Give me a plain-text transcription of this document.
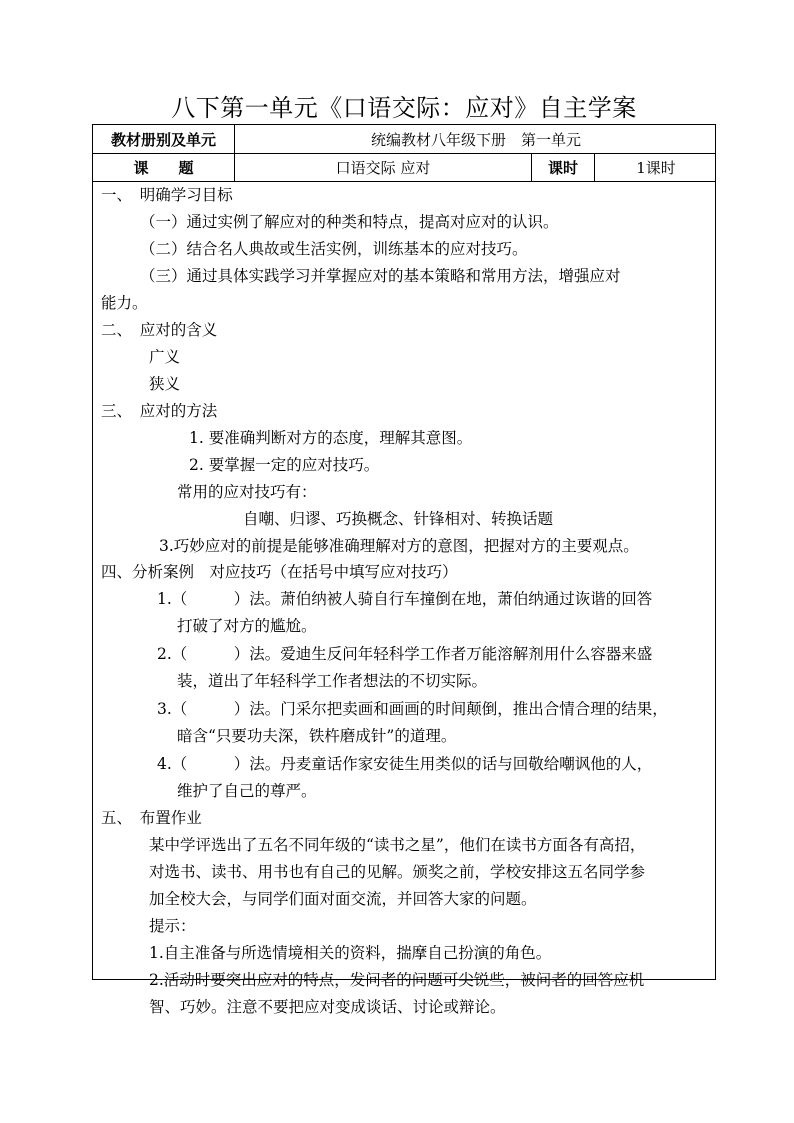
八下第一单元《口语交际：应对》自主学案
教材册别及单元	统编教材八年级下册　第一单元
课　　题	口语交际 应对	课时	1课时
一、　明确学习目标
（一）通过实例了解应对的种类和特点，提高对应对的认识。
（二）结合名人典故或生活实例，训练基本的应对技巧。
（三）通过具体实践学习并掌握应对的基本策略和常用方法，增强应对
能力。
二、　应对的含义
广义
狭义
三、　应对的方法
1. 要准确判断对方的态度，理解其意图。
2. 要掌握一定的应对技巧。
常用的应对技巧有：
自嘲、归谬、巧换概念、针锋相对、转换话题
3.巧妙应对的前提是能够准确理解对方的意图，把握对方的主要观点。
四、分析案例　对应技巧（在括号中填写应对技巧）
1.（　　　）法。萧伯纳被人骑自行车撞倒在地，萧伯纳通过诙谐的回答
打破了对方的尴尬。
2.（　　　）法。爱迪生反问年轻科学工作者万能溶解剂用什么容器来盛
装，道出了年轻科学工作者想法的不切实际。
3.（　　　）法。门采尔把卖画和画画的时间颠倒，推出合情合理的结果，
暗含“只要功夫深，铁杵磨成针”的道理。
4.（　　　）法。丹麦童话作家安徒生用类似的话与回敬给嘲讽他的人，
维护了自己的尊严。
五、　布置作业
某中学评选出了五名不同年级的“读书之星”，他们在读书方面各有高招，
对选书、读书、用书也有自己的见解。颁奖之前，学校安排这五名同学参
加全校大会，与同学们面对面交流，并回答大家的问题。
提示：
1.自主准备与所选情境相关的资料，揣摩自己扮演的角色。
2.活动时要突出应对的特点，发问者的问题可尖锐些，被问者的回答应机
智、巧妙。注意不要把应对变成谈话、讨论或辩论。
